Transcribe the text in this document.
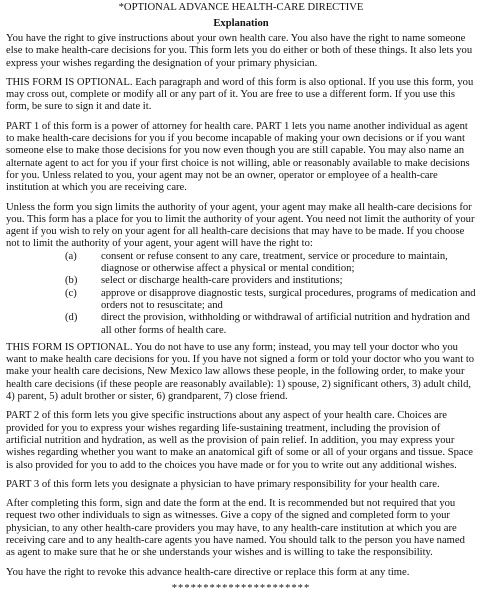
*OPTIONAL ADVANCE HEALTH-CARE DIRECTIVE
Explanation

You have the right to give instructions about your own health care. You also have the right to name someone else to make health-care decisions for you. This form lets you do either or both of these things. It also lets you express your wishes regarding the designation of your primary physician.

THIS FORM IS OPTIONAL. Each paragraph and word of this form is also optional. If you use this form, you may cross out, complete or modify all or any part of it. You are free to use a different form. If you use this form, be sure to sign it and date it.

PART 1 of this form is a power of attorney for health care. PART 1 lets you name another individual as agent to make health-care decisions for you if you become incapable of making your own decisions or if you want someone else to make those decisions for you now even though you are still capable. You may also name an alternate agent to act for you if your first choice is not willing, able or reasonably available to make decisions for you. Unless related to you, your agent may not be an owner, operator or employee of a health-care institution at which you are receiving care.

Unless the form you sign limits the authority of your agent, your agent may make all health-care decisions for you. This form has a place for you to limit the authority of your agent. You need not limit the authority of your agent if you wish to rely on your agent for all health-care decisions that may have to be made. If you choose not to limit the authority of your agent, your agent will have the right to:

(a)	consent or refuse consent to any care, treatment, service or procedure to maintain, diagnose or otherwise affect a physical or mental condition;
(b)	select or discharge health-care providers and institutions;
(c)	approve or disapprove diagnostic tests, surgical procedures, programs of medication and orders not to resuscitate; and
(d)	direct the provision, withholding or withdrawal of artificial nutrition and hydration and all other forms of health care.

THIS FORM IS OPTIONAL. You do not have to use any form; instead, you may tell your doctor who you want to make health care decisions for you. If you have not signed a form or told your doctor who you want to make your health care decisions, New Mexico law allows these people, in the following order, to make your health care decisions (if these people are reasonably available): 1) spouse, 2) significant others, 3) adult child, 4) parent, 5) adult brother or sister, 6) grandparent, 7) close friend.

PART 2 of this form lets you give specific instructions about any aspect of your health care. Choices are provided for you to express your wishes regarding life-sustaining treatment, including the provision of artificial nutrition and hydration, as well as the provision of pain relief. In addition, you may express your wishes regarding whether you want to make an anatomical gift of some or all of your organs and tissue. Space is also provided for you to add to the choices you have made or for you to write out any additional wishes.

PART 3 of this form lets you designate a physician to have primary responsibility for your health care.

After completing this form, sign and date the form at the end. It is recommended but not required that you request two other individuals to sign as witnesses. Give a copy of the signed and completed form to your physician, to any other health-care providers you may have, to any health-care institution at which you are receiving care and to any health-care agents you have named. You should talk to the person you have named as agent to make sure that he or she understands your wishes and is willing to take the responsibility.

You have the right to revoke this advance health-care directive or replace this form at any time.

**********************
